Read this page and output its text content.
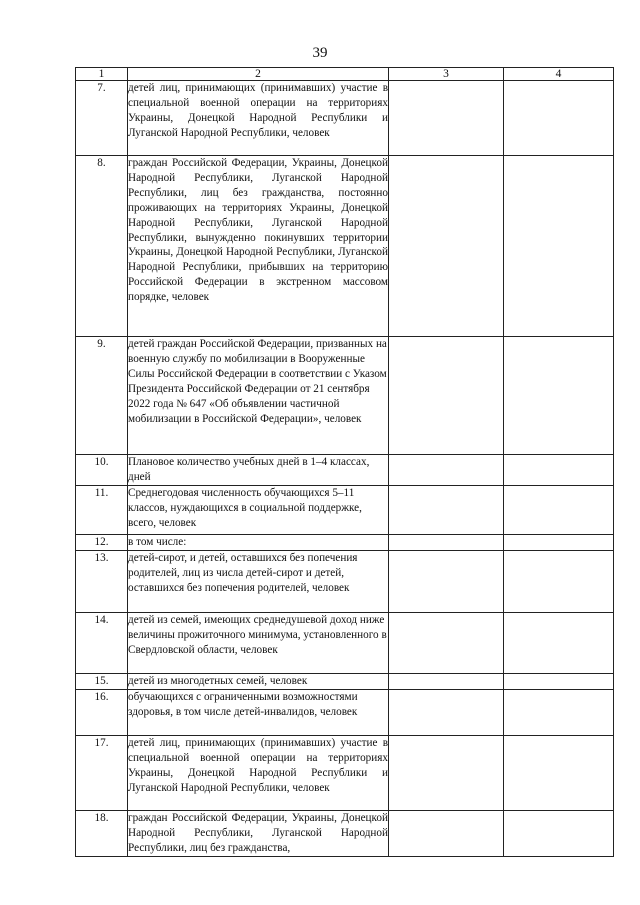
39
1	2	3	4
7.	детей лиц, принимающих (принимавших) участие в специальной военной операции на территориях Украины, Донецкой Народной Республики и Луганской Народной Республики, человек		
8.	граждан Российской Федерации, Украины, Донецкой Народной Республики, Луганской Народной Республики, лиц без гражданства, постоянно проживающих на территориях Украины, Донецкой Народной Республики, Луганской Народной Республики, вынужденно покинувших территории Украины, Донецкой Народной Республики, Луганской Народной Республики, прибывших на территорию Российской Федерации в экстренном массовом порядке, человек		
9.	детей граждан Российской Федерации, призванных на военную службу по мобилизации в Вооруженные Силы Российской Федерации в соответствии с Указом Президента Российской Федерации от 21 сентября 2022 года № 647 «Об объявлении частичной мобилизации в Российской Федерации», человек		
10.	Плановое количество учебных дней в 1–4 классах, дней		
11.	Среднегодовая численность обучающихся 5–11 классов, нуждающихся в социальной поддержке, всего, человек		
12.	в том числе:		
13.	детей-сирот, и детей, оставшихся без попечения родителей, лиц из числа детей-сирот и детей, оставшихся без попечения родителей, человек		
14.	детей из семей, имеющих среднедушевой доход ниже величины прожиточного минимума, установленного в Свердловской области, человек		
15.	детей из многодетных семей, человек		
16.	обучающихся с ограниченными возможностями здоровья, в том числе детей-инвалидов, человек		
17.	детей лиц, принимающих (принимавших) участие в специальной военной операции на территориях Украины, Донецкой Народной Республики и Луганской Народной Республики, человек		
18.	граждан Российской Федерации, Украины, Донецкой Народной Республики, Луганской Народной Республики, лиц без гражданства,		
